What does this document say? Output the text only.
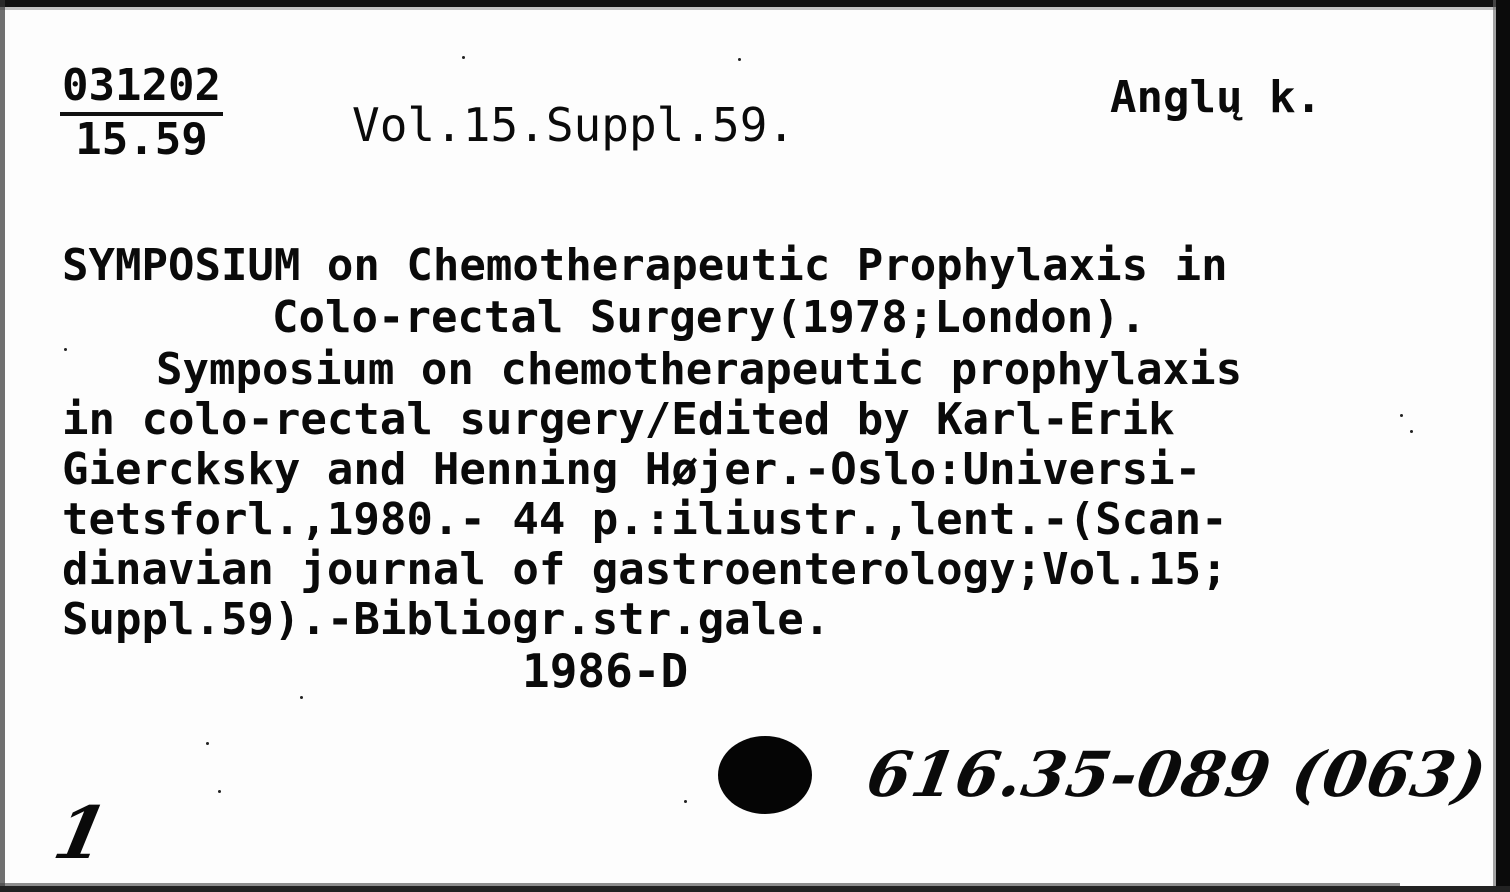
$\frac{031202}{15.59}$	Vol.15.Suppl.59.
Anglų k.
SYMPOSIUM on Chemotherapeutic Prophylaxis in
Colo-rectal Surgery(1978;London).
Symposium on chemotherapeutic prophylaxis
in colo-rectal surgery/Edited by Karl-Erik
Giercksky and Henning Højer.-Oslo:Universi-
tetsforl.,1980.- 44 p.:iliustr.,lent.-(Scan-
dinavian journal of gastroenterology;Vol.15;
Suppl.59).-Bibliogr.str.gale.
1986-D
616.35-089 (063)
1
